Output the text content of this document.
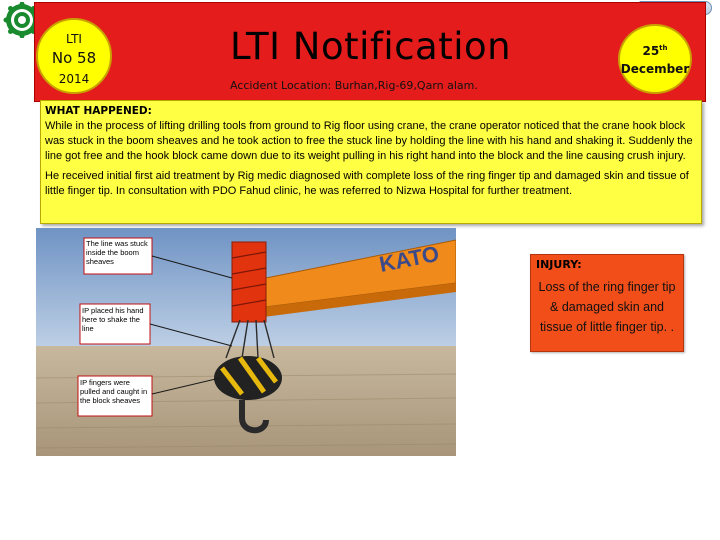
LTI
No 58
2014
LTI Notification
Accident Location: Burhan,Rig-69,Qarn alam.
25th
December
WHAT HAPPENED:

While in the process of lifting drilling tools from ground to Rig floor using crane, the crane operator noticed that the crane hook block was stuck in the boom sheaves and he took action to free the stuck line by holding the line with his hand and shaking it. Suddenly the line got free and the hook block came down due to its weight pulling in his right hand into the block and the line causing crush injury.

He received initial first aid treatment by Rig medic diagnosed with complete loss of the ring finger tip and damaged skin and tissue of little finger tip. In consultation with PDO Fahud clinic, he was referred to Nizwa Hospital for further treatment.

KATO
The line was stuck inside the boom sheaves
IP placed his hand here to shake the line
IP fingers were pulled and caught in the block sheaves
INJURY:
Loss of the ring finger tip & damaged skin and tissue of little finger tip. .
